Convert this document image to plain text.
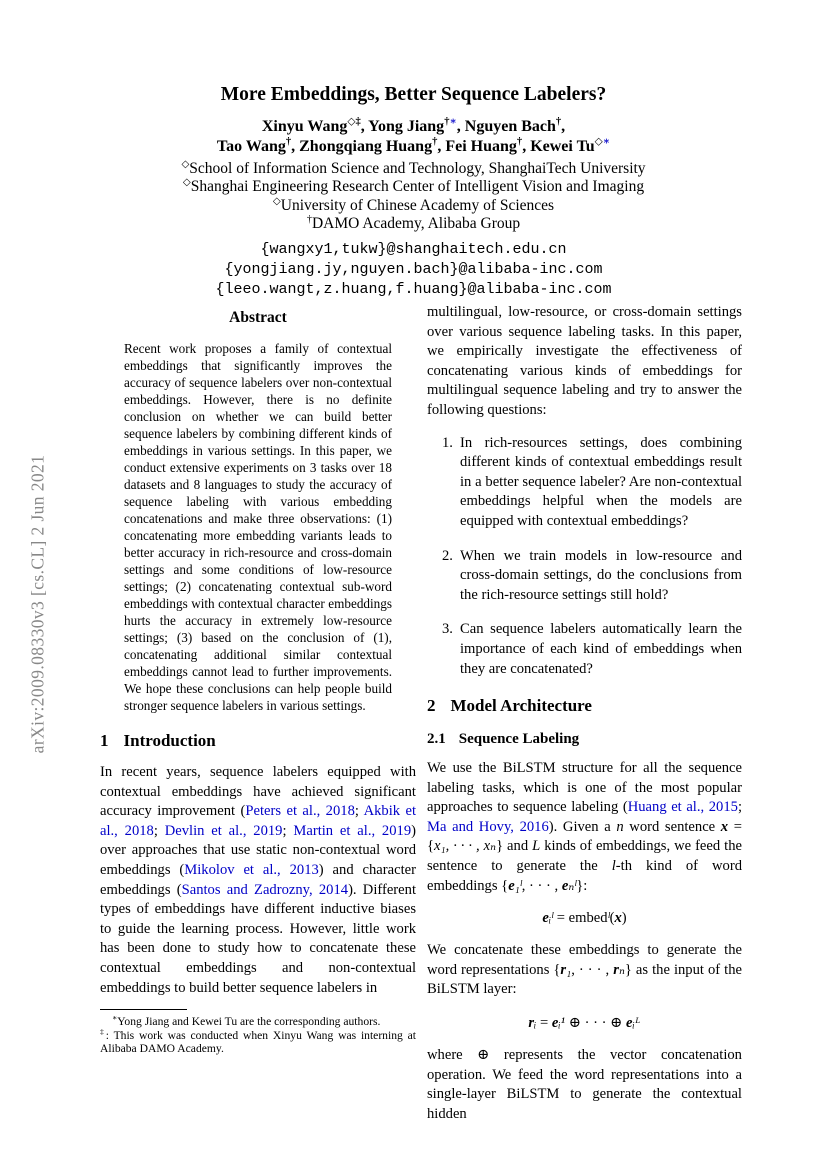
arXiv:2009.08330v3 [cs.CL] 2 Jun 2021
More Embeddings, Better Sequence Labelers?
Xinyu Wang◇‡, Yong Jiang†∗, Nguyen Bach†,
Tao Wang†, Zhongqiang Huang†, Fei Huang†, Kewei Tu◇∗
◇School of Information Science and Technology, ShanghaiTech University
◇Shanghai Engineering Research Center of Intelligent Vision and Imaging
◇University of Chinese Academy of Sciences
†DAMO Academy, Alibaba Group
{wangxy1,tukw}@shanghaitech.edu.cn
{yongjiang.jy,nguyen.bach}@alibaba-inc.com
{leeo.wangt,z.huang,f.huang}@alibaba-inc.com
Abstract

Recent work proposes a family of contextual embeddings that significantly improves the accuracy of sequence labelers over non-contextual embeddings. However, there is no definite conclusion on whether we can build better sequence labelers by combining different kinds of embeddings in various settings. In this paper, we conduct extensive experiments on 3 tasks over 18 datasets and 8 languages to study the accuracy of sequence labeling with various embedding concatenations and make three observations: (1) concatenating more embedding variants leads to better accuracy in rich-resource and cross-domain settings and some conditions of low-resource settings; (2) concatenating contextual sub-word embeddings with contextual character embeddings hurts the accuracy in extremely low-resource settings; (3) based on the conclusion of (1), concatenating additional similar contextual embeddings cannot lead to further improvements. We hope these conclusions can help people build stronger sequence labelers in various settings.

1 Introduction

In recent years, sequence labelers equipped with contextual embeddings have achieved significant accuracy improvement (Peters et al., 2018; Akbik et al., 2018; Devlin et al., 2019; Martin et al., 2019) over approaches that use static non-contextual word embeddings (Mikolov et al., 2013) and character embeddings (Santos and Zadrozny, 2014). Different types of embeddings have different inductive biases to guide the learning process. However, little work has been done to study how to concatenate these contextual embeddings and non-contextual embeddings to build better sequence labelers in

∗Yong Jiang and Kewei Tu are the corresponding authors.

‡: This work was conducted when Xinyu Wang was interning at Alibaba DAMO Academy.

multilingual, low-resource, or cross-domain settings over various sequence labeling tasks. In this paper, we empirically investigate the effectiveness of concatenating various kinds of embeddings for multilingual sequence labeling and try to answer the following questions:

1. In rich-resources settings, does combining different kinds of contextual embeddings result in a better sequence labeler? Are non-contextual embeddings helpful when the models are equipped with contextual embeddings?
2. When we train models in low-resource and cross-domain settings, do the conclusions from the rich-resource settings still hold?
3. Can sequence labelers automatically learn the importance of each kind of embeddings when they are concatenated?
2 Model Architecture
2.1 Sequence Labeling

We use the BiLSTM structure for all the sequence labeling tasks, which is one of the most popular approaches to sequence labeling (Huang et al., 2015; Ma and Hovy, 2016). Given a n word sentence x = {x₁, · · · , xₙ} and L kinds of embeddings, we feed the sentence to generate the l-th kind of word embeddings {e₁ˡ, · · · , eₙˡ}:

eᵢˡ = embedˡ(x)

We concatenate these embeddings to generate the word representations {r₁, · · · , rₙ} as the input of the BiLSTM layer:

rᵢ = eᵢ¹ ⊕ · · · ⊕ eᵢᴸ

where ⊕ represents the vector concatenation operation. We feed the word representations into a single-layer BiLSTM to generate the contextual hidden
